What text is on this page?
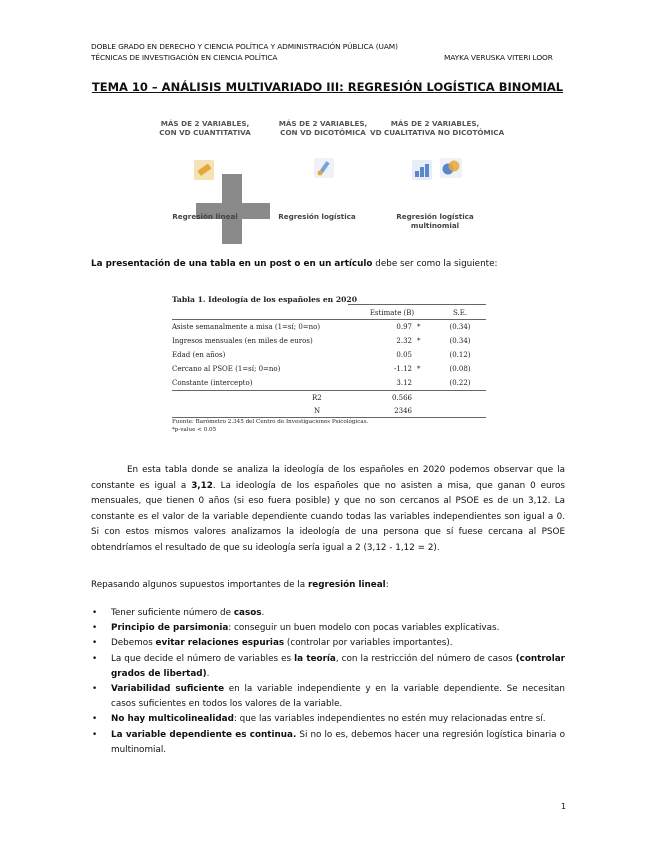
DOBLE GRADO EN DERECHO Y CIENCIA POLÍTICA Y ADMINISTRACIÓN PÚBLICA (UAM)
TÉCNICAS DE INVESTIGACIÓN EN CIENCIA POLÍTICA	MAYKA VERUSKA VITERI LOOR
TEMA 10 – ANÁLISIS MULTIVARIADO III: REGRESIÓN LOGÍSTICA BINOMIAL
MÁS DE 2 VARIABLES,
CON VD CUANTITATIVA
MÁS DE 2 VARIABLES,
CON VD DICOTÓMICA
MÁS DE 2 VARIABLES,
VD CUALITATIVA NO DICOTÓMICA
Regresión lineal	Regresión logística	Regresión logística
multinomial
La presentación de una tabla en un post o en un artículo debe ser como la siguiente:
Tabla 1. Ideología de los españoles en 2020
Estimate (B)	S.E.
Asiste semanalmente a misa (1=sí; 0=no)	0.97 *	(0.34)
Ingresos mensuales (en miles de euros)	2.32 *	(0.34)
Edad (en años)	0.05	(0.12)
Cercano al PSOE (1=sí; 0=no)	-1.12 *	(0.08)
Constante (intercepto)	3.12	(0.22)
R2	0.566
N	2346
Fuente: Barómetro 2.345 del Centro de Investigaciones Psicológicas.
*p-value < 0.05

En esta tabla donde se analiza la ideología de los españoles en 2020 podemos observar que la constante es igual a 3,12. La ideología de los españoles que no asisten a misa, que ganan 0 euros mensuales, que tienen 0 años (si eso fuera posible) y que no son cercanos al PSOE es de un 3,12. La constante es el valor de la variable dependiente cuando todas las variables independientes son igual a 0. Si con estos mismos valores analizamos la ideología de una persona que sí fuese cercana al PSOE obtendríamos el resultado de que su ideología sería igual a 2 (3,12 - 1,12 = 2).

Repasando algunos supuestos importantes de la regresión lineal:
• Tener suficiente número de casos.
• Principio de parsimonia: conseguir un buen modelo con pocas variables explicativas.
• Debemos evitar relaciones espurias (controlar por variables importantes).
• La que decide el número de variables es la teoría, con la restricción del número de casos (controlar grados de libertad).
• Variabilidad suficiente en la variable independiente y en la variable dependiente. Se necesitan casos suficientes en todos los valores de la variable.
• No hay multicolinealidad: que las variables independientes no estén muy relacionadas entre sí.
• La variable dependiente es continua. Si no lo es, debemos hacer una regresión logística binaria o multinomial.
1
